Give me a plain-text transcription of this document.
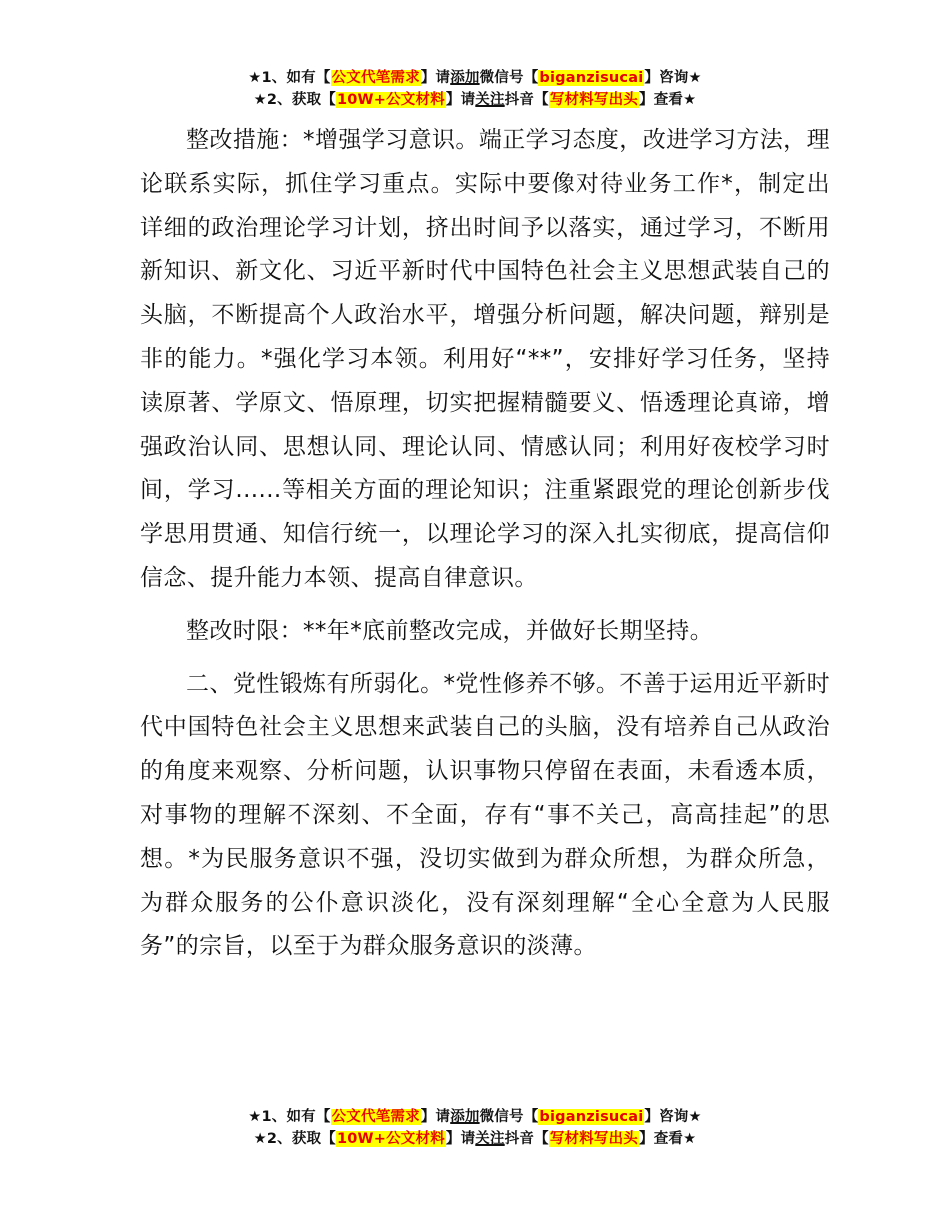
★1、如有【公文代笔需求】请添加微信号【biganzisucai】咨询★
★2、获取【10W+公文材料】请关注抖音【写材料写出头】查看★

整改措施：*增强学习意识。端正学习态度，改进学习方法，理论联系实际，抓住学习重点。实际中要像对待业务工作*，制定出详细的政治理论学习计划，挤出时间予以落实，通过学习，不断用新知识、新文化、习近平新时代中国特色社会主义思想武装自己的头脑，不断提高个人政治水平，增强分析问题，解决问题，辩别是非的能力。*强化学习本领。利用好“**”，安排好学习任务，坚持读原著、学原文、悟原理，切实把握精髓要义、悟透理论真谛，增强政治认同、思想认同、理论认同、情感认同；利用好夜校学习时间，学习......等相关方面的理论知识；注重紧跟党的理论创新步伐学思用贯通、知信行统一，以理论学习的深入扎实彻底，提高信仰信念、提升能力本领、提高自律意识。

整改时限：**年*底前整改完成，并做好长期坚持。

二、党性锻炼有所弱化。*党性修养不够。不善于运用近平新时代中国特色社会主义思想来武装自己的头脑，没有培养自己从政治的角度来观察、分析问题，认识事物只停留在表面，未看透本质，对事物的理解不深刻、不全面，存有“事不关己，高高挂起”的思想。*为民服务意识不强，没切实做到为群众所想，为群众所急，为群众服务的公仆意识淡化，没有深刻理解“全心全意为人民服务”的宗旨，以至于为群众服务意识的淡薄。

★1、如有【公文代笔需求】请添加微信号【biganzisucai】咨询★
★2、获取【10W+公文材料】请关注抖音【写材料写出头】查看★
